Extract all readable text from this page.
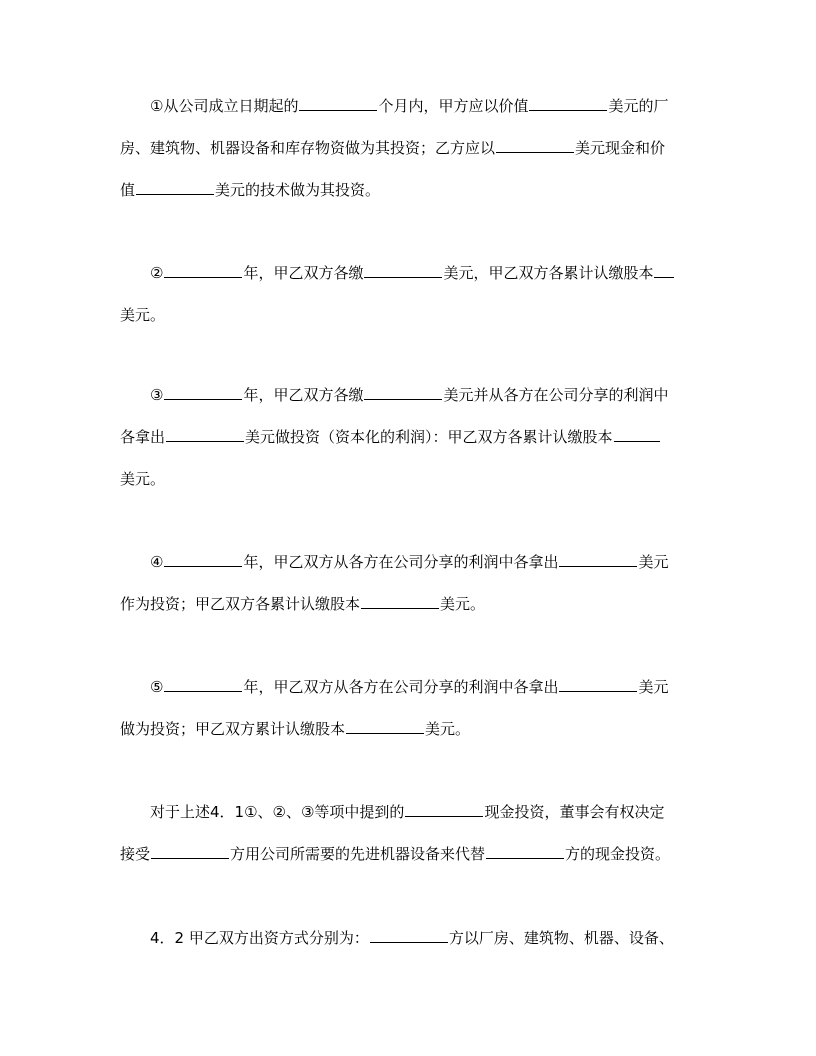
①从公司成立日期起的	个月内，甲方应以价值	美元的厂
房、建筑物、机器设备和库存物资做为其投资；乙方应以	美元现金和价
值	美元的技术做为其投资。
②	年，甲乙双方各缴	美元，甲乙双方各累计认缴股本
美元。
③	年，甲乙双方各缴	美元并从各方在公司分享的利润中
各拿出	美元做投资（资本化的利润）：甲乙双方各累计认缴股本
美元。
④	年，甲乙双方从各方在公司分享的利润中各拿出	美元
作为投资；甲乙双方各累计认缴股本	美元。
⑤	年，甲乙双方从各方在公司分享的利润中各拿出	美元
做为投资；甲乙双方累计认缴股本	美元。
对于上述4．1①、②、③等项中提到的	现金投资，董事会有权决定
接受	方用公司所需要的先进机器设备来代替	方的现金投资。
4．2 甲乙双方出资方式分别为：	方以厂房、建筑物、机器、设备、
